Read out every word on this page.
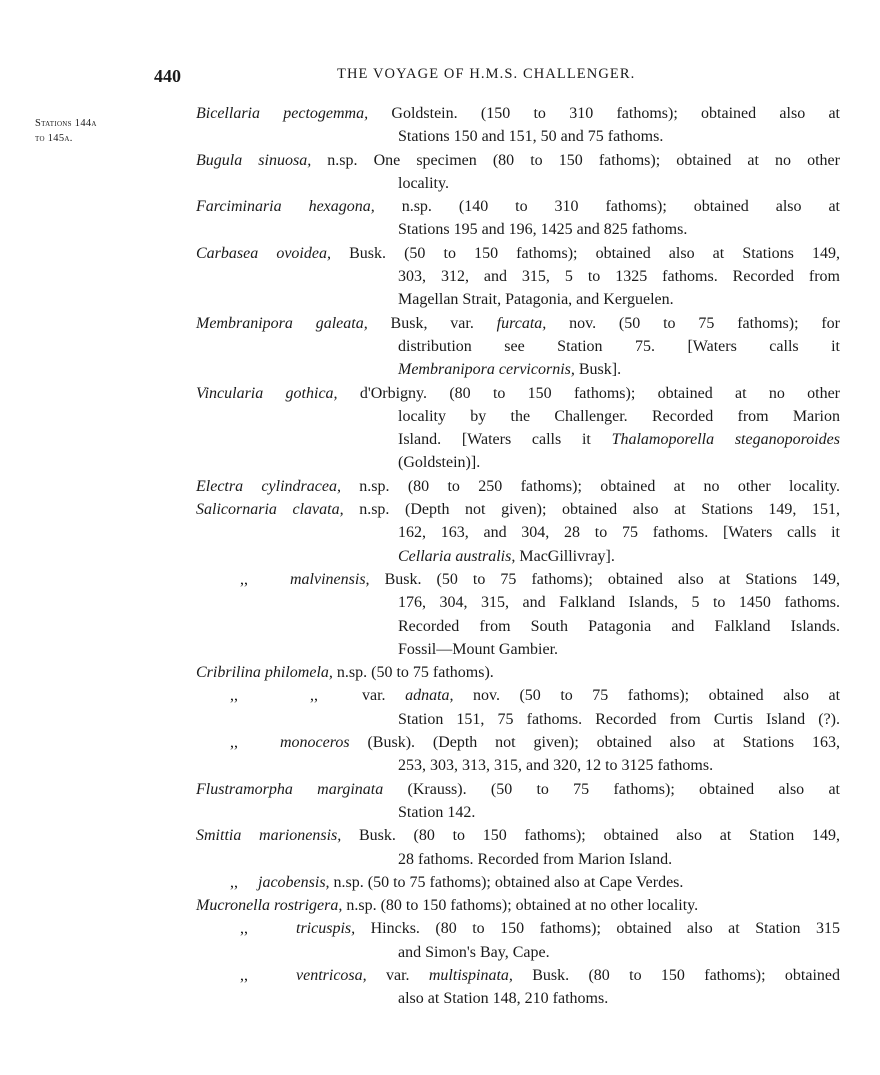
440	THE VOYAGE OF H.M.S. CHALLENGER.
Stations 144a
to 145a.
Bicellaria pectogemma, Goldstein. (150 to 310 fathoms); obtained also at
Stations 150 and 151, 50 and 75 fathoms.
Bugula sinuosa, n.sp. One specimen (80 to 150 fathoms); obtained at no other
locality.
Farciminaria hexagona, n.sp. (140 to 310 fathoms); obtained also at
Stations 195 and 196, 1425 and 825 fathoms.
Carbasea ovoidea, Busk. (50 to 150 fathoms); obtained also at Stations 149,
303, 312, and 315, 5 to 1325 fathoms. Recorded from
Magellan Strait, Patagonia, and Kerguelen.
Membranipora galeata, Busk, var. furcata, nov. (50 to 75 fathoms); for
distribution see Station 75. [Waters calls it
Membranipora cervicornis, Busk].
Vincularia gothica, d'Orbigny. (80 to 150 fathoms); obtained at no other
locality by the Challenger. Recorded from Marion
Island. [Waters calls it Thalamoporella steganoporoides
(Goldstein)].
Electra cylindracea, n.sp. (80 to 250 fathoms); obtained at no other locality.
Salicornaria clavata, n.sp. (Depth not given); obtained also at Stations 149, 151,
162, 163, and 304, 28 to 75 fathoms. [Waters calls it
Cellaria australis, MacGillivray].
,,	malvinensis, Busk. (50 to 75 fathoms); obtained also at Stations 149,
176, 304, 315, and Falkland Islands, 5 to 1450 fathoms.
Recorded from South Patagonia and Falkland Islands.
Fossil—Mount Gambier.
Cribrilina philomela, n.sp. (50 to 75 fathoms).
,,	,,	var. adnata, nov. (50 to 75 fathoms); obtained also at
Station 151, 75 fathoms. Recorded from Curtis Island (?).
,,	monoceros (Busk). (Depth not given); obtained also at Stations 163,
253, 303, 313, 315, and 320, 12 to 3125 fathoms.
Flustramorpha marginata (Krauss). (50 to 75 fathoms); obtained also at
Station 142.
Smittia marionensis, Busk. (80 to 150 fathoms); obtained also at Station 149,
28 fathoms. Recorded from Marion Island.
,, jacobensis, n.sp. (50 to 75 fathoms); obtained also at Cape Verdes.
Mucronella rostrigera, n.sp. (80 to 150 fathoms); obtained at no other locality.
,,	tricuspis, Hincks. (80 to 150 fathoms); obtained also at Station 315
and Simon's Bay, Cape.
,,	ventricosa, var. multispinata, Busk. (80 to 150 fathoms); obtained
also at Station 148, 210 fathoms.
